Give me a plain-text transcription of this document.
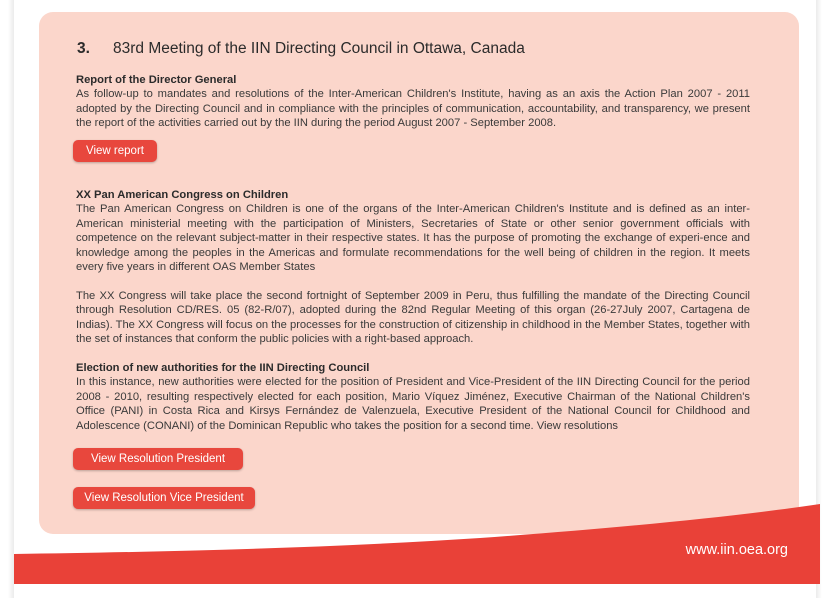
3. 83rd Meeting of the IIN Directing Council in Ottawa, Canada
Report of the Director General

As follow-up to mandates and resolutions of the Inter-American Children's Institute, having as an axis the Action Plan 2007 - 2011 adopted by the Directing Council and in compliance with the principles of communication, accountability, and transparency, we present the report of the activities carried out by the IIN during the period August 2007 - September 2008.

View report
XX Pan American Congress on Children

The Pan American Congress on Children is one of the organs of the Inter-American Children's Institute and is defined as an inter-American ministerial meeting with the participation of Ministers, Secretaries of State or other senior government officials with competence on the relevant subject-matter in their respective states. It has the purpose of promoting the exchange of experi-ence and knowledge among the peoples in the Americas and formulate recommendations for the well being of children in the region. It meets every five years in different OAS Member States

The XX Congress will take place the second fortnight of September 2009 in Peru, thus fulfilling the mandate of the Directing Council through Resolution CD/RES. 05 (82-R/07), adopted during the 82nd Regular Meeting of this organ (26-27July 2007, Cartagena de Indias). The XX Congress will focus on the processes for the construction of citizenship in childhood in the Member States, together with the set of instances that conform the public policies with a right-based approach.

Election of new authorities for the IIN Directing Council

In this instance, new authorities were elected for the position of President and Vice-President of the IIN Directing Council for the period 2008 - 2010, resulting respectively elected for each position, Mario Víquez Jiménez, Executive Chairman of the National Children's Office (PANI) in Costa Rica and Kirsys Fernández de Valenzuela, Executive President of the National Council for Childhood and Adolescence (CONANI) of the Dominican Republic who takes the position for a second time. View resolutions

View Resolution President
View Resolution Vice President
www.iin.oea.org
